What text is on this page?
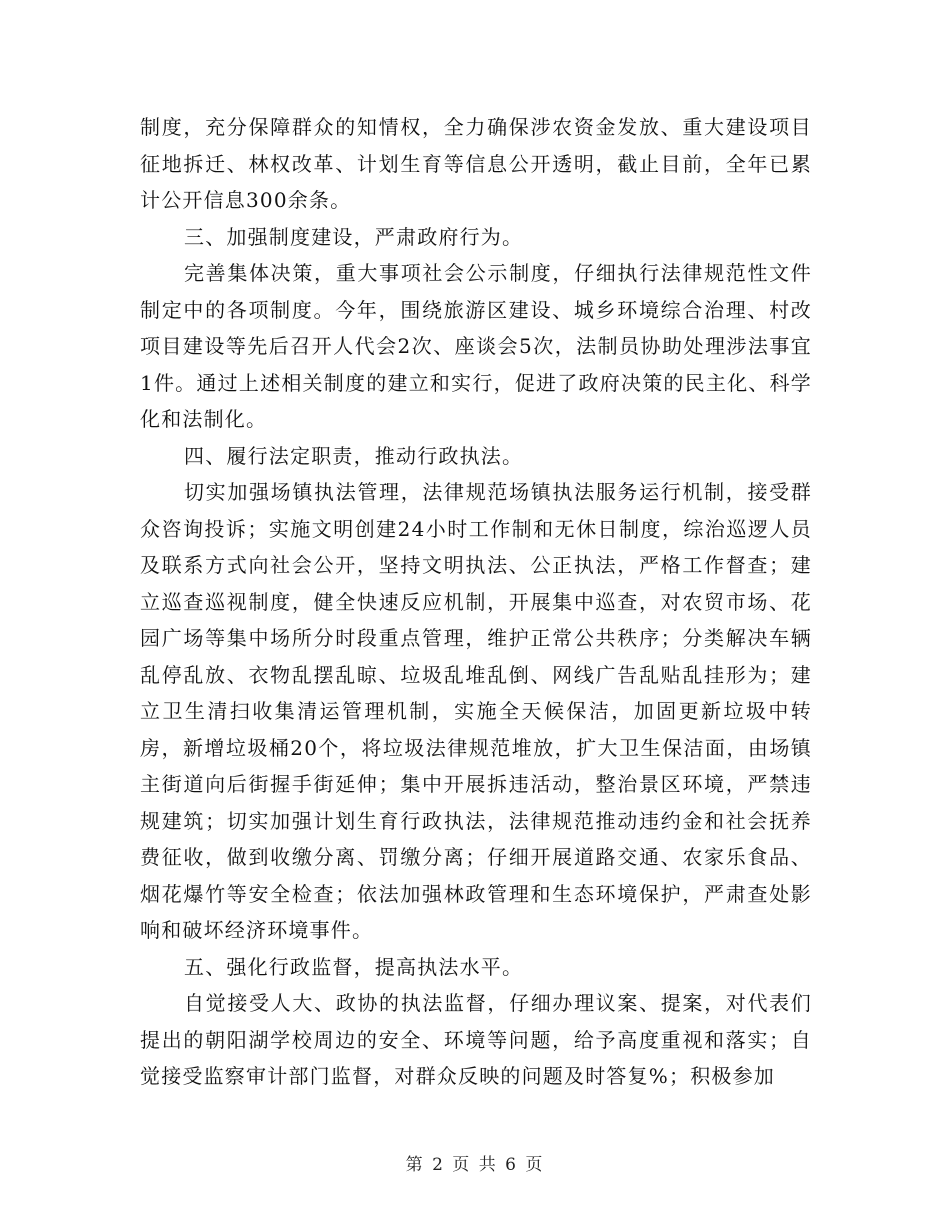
制度，充分保障群众的知情权，全力确保涉农资金发放、重大建设项目征地拆迁、林权改革、计划生育等信息公开透明，截止目前，全年已累计公开信息300余条。

三、加强制度建设，严肃政府行为。

完善集体决策，重大事项社会公示制度，仔细执行法律规范性文件制定中的各项制度。今年，围绕旅游区建设、城乡环境综合治理、村改项目建设等先后召开人代会2次、座谈会5次，法制员协助处理涉法事宜1件。通过上述相关制度的建立和实行，促进了政府决策的民主化、科学化和法制化。

四、履行法定职责，推动行政执法。

切实加强场镇执法管理，法律规范场镇执法服务运行机制，接受群众咨询投诉；实施文明创建24小时工作制和无休日制度，综治巡逻人员及联系方式向社会公开，坚持文明执法、公正执法，严格工作督查；建立巡查巡视制度，健全快速反应机制，开展集中巡查，对农贸市场、花园广场等集中场所分时段重点管理，维护正常公共秩序；分类解决车辆乱停乱放、衣物乱摆乱晾、垃圾乱堆乱倒、网线广告乱贴乱挂形为；建立卫生清扫收集清运管理机制，实施全天候保洁，加固更新垃圾中转房，新增垃圾桶20个，将垃圾法律规范堆放，扩大卫生保洁面，由场镇主街道向后街握手街延伸；集中开展拆违活动，整治景区环境，严禁违规建筑；切实加强计划生育行政执法，法律规范推动违约金和社会抚养费征收，做到收缴分离、罚缴分离；仔细开展道路交通、农家乐食品、烟花爆竹等安全检查；依法加强林政管理和生态环境保护，严肃查处影响和破坏经济环境事件。

五、强化行政监督，提高执法水平。

自觉接受人大、政协的执法监督，仔细办理议案、提案，对代表们提出的朝阳湖学校周边的安全、环境等问题，给予高度重视和落实；自觉接受监察审计部门监督，对群众反映的问题及时答复%；积极参加

第 2 页 共 6 页
